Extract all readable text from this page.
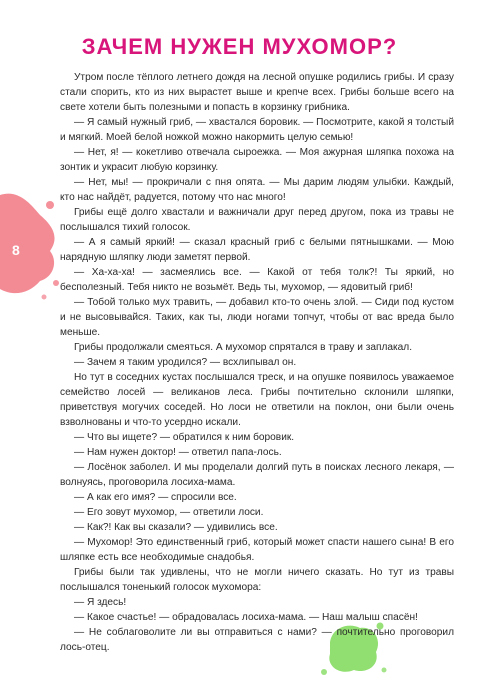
8
ЗАЧЕМ НУЖЕН МУХОМОР?

Утром после тёплого летнего дождя на лесной опушке родились грибы. И сразу стали спорить, кто из них вырастет выше и крепче всех. Грибы больше всего на свете хотели быть полезными и попасть в корзинку грибника.

— Я самый нужный гриб, — хвастался боровик. — Посмотрите, какой я толстый и мягкий. Моей белой ножкой можно накормить целую семью!

— Нет, я! — кокетливо отвечала сыроежка. — Моя ажурная шляпка похожа на зонтик и украсит любую корзинку.

— Нет, мы! — прокричали с пня опята. — Мы дарим людям улыбки. Каждый, кто нас найдёт, радуется, потому что нас много!

Грибы ещё долго хвастали и важничали друг перед другом, пока из травы не послышался тихий голосок.

— А я самый яркий! — сказал красный гриб с белыми пятнышками. — Мою нарядную шляпку люди заметят первой.

— Ха-ха-ха! — засмеялись все. — Какой от тебя толк?! Ты яркий, но бесполезный. Тебя никто не возьмёт. Ведь ты, мухомор, — ядовитый гриб!

— Тобой только мух травить, — добавил кто-то очень злой. — Сиди под кустом и не высовывайся. Таких, как ты, люди ногами топчут, чтобы от вас вреда было меньше.

Грибы продолжали смеяться. А мухомор спрятался в траву и заплакал.

— Зачем я таким уродился? — всхлипывал он.

Но тут в соседних кустах послышался треск, и на опушке появилось уважаемое семейство лосей — великанов леса. Грибы почтительно склонили шляпки, приветствуя могучих соседей. Но лоси не ответили на поклон, они были очень взволнованы и что-то усердно искали.

— Что вы ищете? — обратился к ним боровик.

— Нам нужен доктор! — ответил папа-лось.

— Лосёнок заболел. И мы проделали долгий путь в поисках лесного лекаря, — волнуясь, проговорила лосиха-мама.

— А как его имя? — спросили все.

— Его зовут мухомор, — ответили лоси.

— Как?! Как вы сказали? — удивились все.

— Мухомор! Это единственный гриб, который может спасти нашего сына! В его шляпке есть все необходимые снадобья.

Грибы были так удивлены, что не могли ничего сказать. Но тут из травы послышался тоненький голосок мухомора:

— Я здесь!

— Какое счастье! — обрадовалась лосиха-мама. — Наш малыш спасён!

— Не соблаговолите ли вы отправиться с нами? — почтительно проговорил лось-отец.
